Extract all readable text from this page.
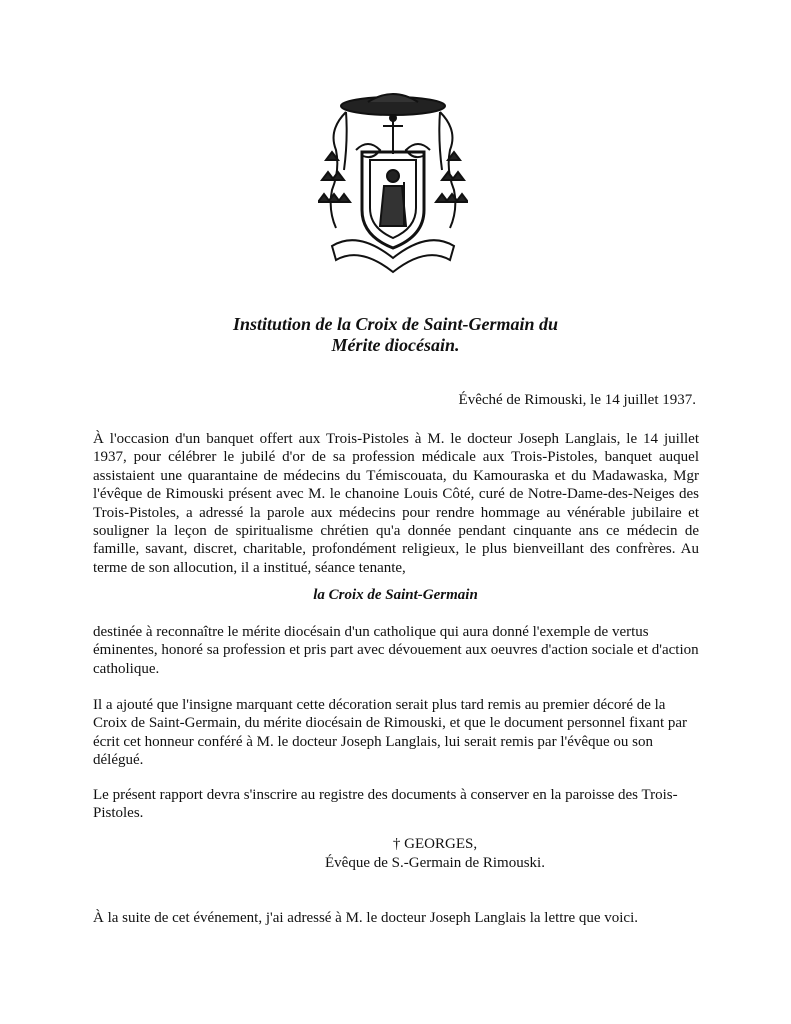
Institution de la Croix de Saint-Germain du
Mérite diocésain.
Évêché de Rimouski, le 14 juillet 1937.

À l'occasion d'un banquet offert aux Trois-Pistoles à M. le docteur Joseph Langlais, le 14 juillet 1937, pour célébrer le jubilé d'or de sa profession médicale aux Trois-Pistoles, banquet auquel assistaient une quarantaine de médecins du Témiscouata, du Kamouraska et du Madawaska, Mgr l'évêque de Rimouski présent avec M. le chanoine Louis Côté, curé de Notre-Dame-des-Neiges des Trois-Pistoles, a adressé la parole aux médecins pour rendre hommage au vénérable jubilaire et souligner la leçon de spiritualisme chrétien qu'a donnée pendant cinquante ans ce médecin de famille, savant, discret, charitable, profondément religieux, le plus bienveillant des confrères. Au terme de son allocution, il a institué, séance tenante,

la Croix de Saint-Germain

destinée à reconnaître le mérite diocésain d'un catholique qui aura donné l'exemple de vertus éminentes, honoré sa profession et pris part avec dévouement aux oeuvres d'action sociale et d'action catholique.

Il a ajouté que l'insigne marquant cette décoration serait plus tard remis au premier décoré de la Croix de Saint-Germain, du mérite diocésain de Rimouski, et que le document personnel fixant par écrit cet honneur conféré à M. le docteur Joseph Langlais, lui serait remis par l'évêque ou son délégué.

Le présent rapport devra s'inscrire au registre des documents à conserver en la paroisse des Trois-Pistoles.

† GEORGES,
Évêque de S.-Germain de Rimouski.

À la suite de cet événement, j'ai adressé à M. le docteur Joseph Langlais la lettre que voici.
